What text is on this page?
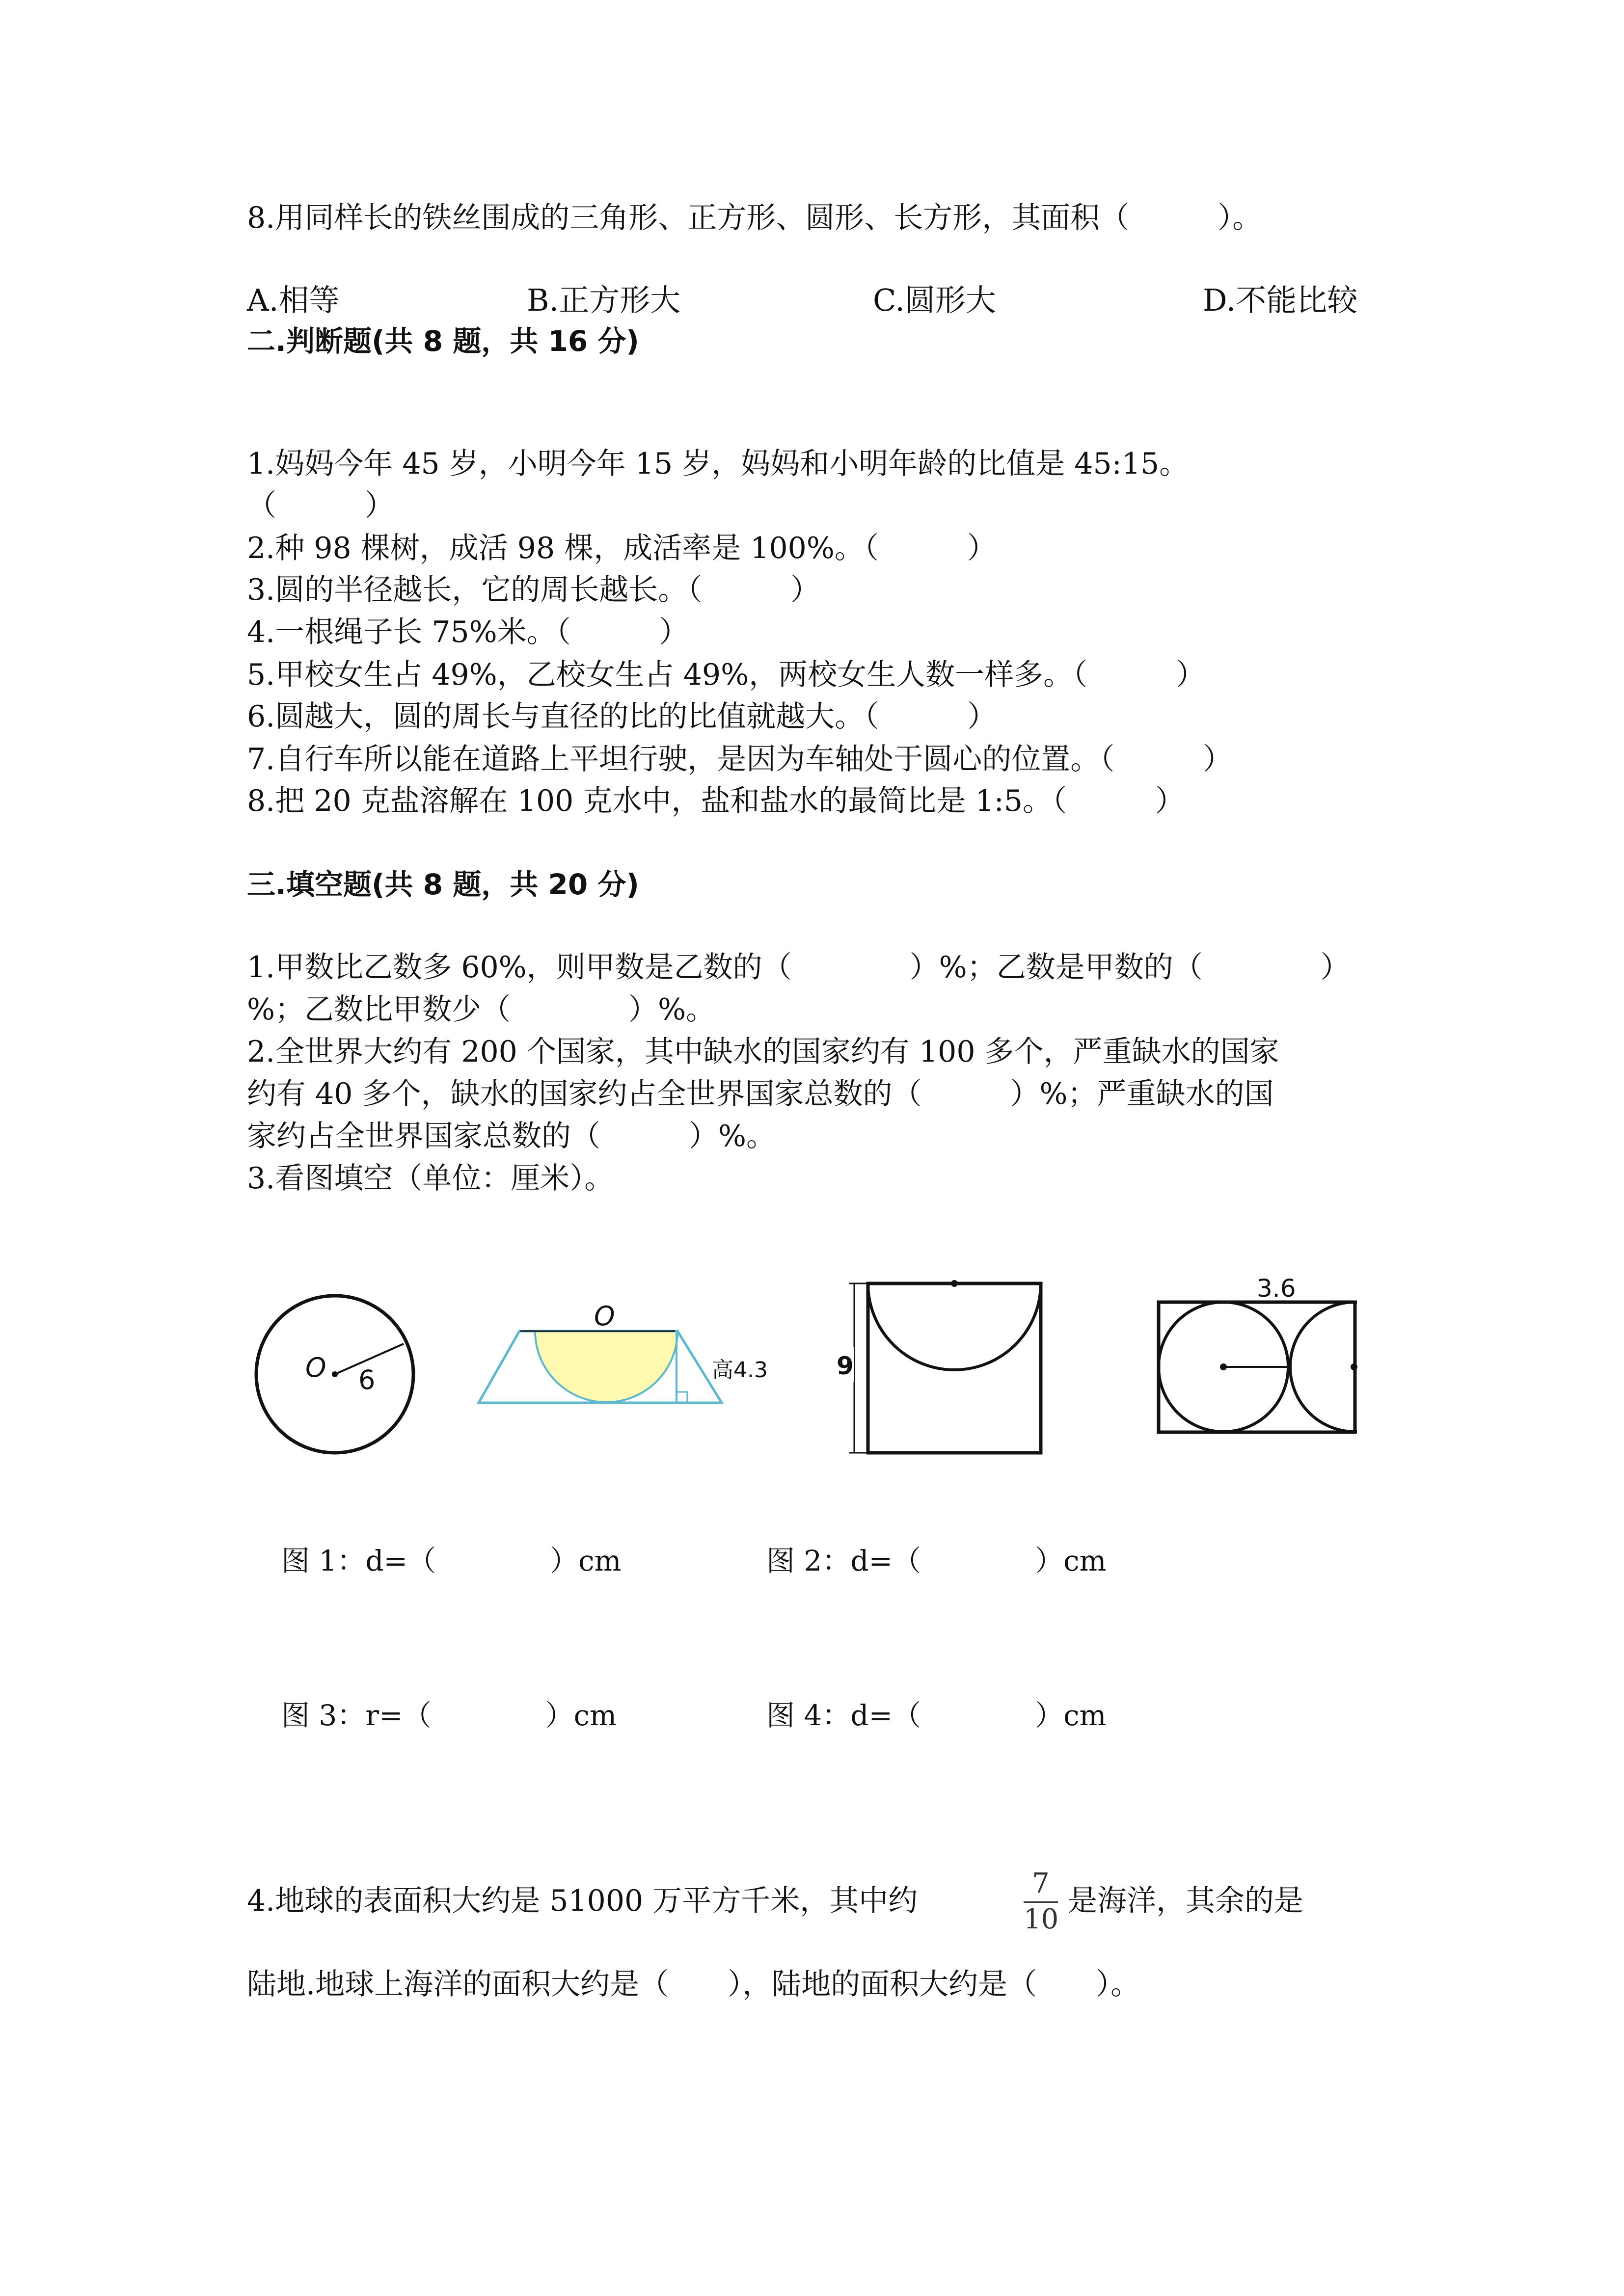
8.用同样长的铁丝围成的三角形、正方形、圆形、长方形，其面积（　　　）。
A.相等	B.正方形大	C.圆形大	D.不能比较
二.判断题(共 8 题，共 16 分)
1.妈妈今年 45 岁，小明今年 15 岁，妈妈和小明年龄的比值是 45:15。
（　　　）
2.种 98 棵树，成活 98 棵，成活率是 100%。（　　　）
3.圆的半径越长，它的周长越长。（　　　）
4.一根绳子长 75%米。（　　　）
5.甲校女生占 49%，乙校女生占 49%，两校女生人数一样多。（　　　）
6.圆越大，圆的周长与直径的比的比值就越大。（　　　）
7.自行车所以能在道路上平坦行驶，是因为车轴处于圆心的位置。（　　　）
8.把 20 克盐溶解在 100 克水中，盐和盐水的最简比是 1:5。（　　　）
三.填空题(共 8 题，共 20 分)
1.甲数比乙数多 60%，则甲数是乙数的（　　　　）%；乙数是甲数的（　　　　）
%；乙数比甲数少（　　　　）%。
2.全世界大约有 200 个国家，其中缺水的国家约有 100 多个，严重缺水的国家
约有 40 多个，缺水的国家约占全世界国家总数的（　　　）%；严重缺水的国
家约占全世界国家总数的（　　　）%。
3.看图填空（单位：厘米）。
O 6
O
高4.3	9
3.6
图 1：d=（　　　　）cm	图 2：d=（　　　　）cm
图 3：r=（　　　　）cm	图 4：d=（　　　　）cm
4.地球的表面积大约是 51000 万平方千米，其中约
7
10
是海洋，其余的是
陆地.地球上海洋的面积大约是（　　），陆地的面积大约是（　　）。
